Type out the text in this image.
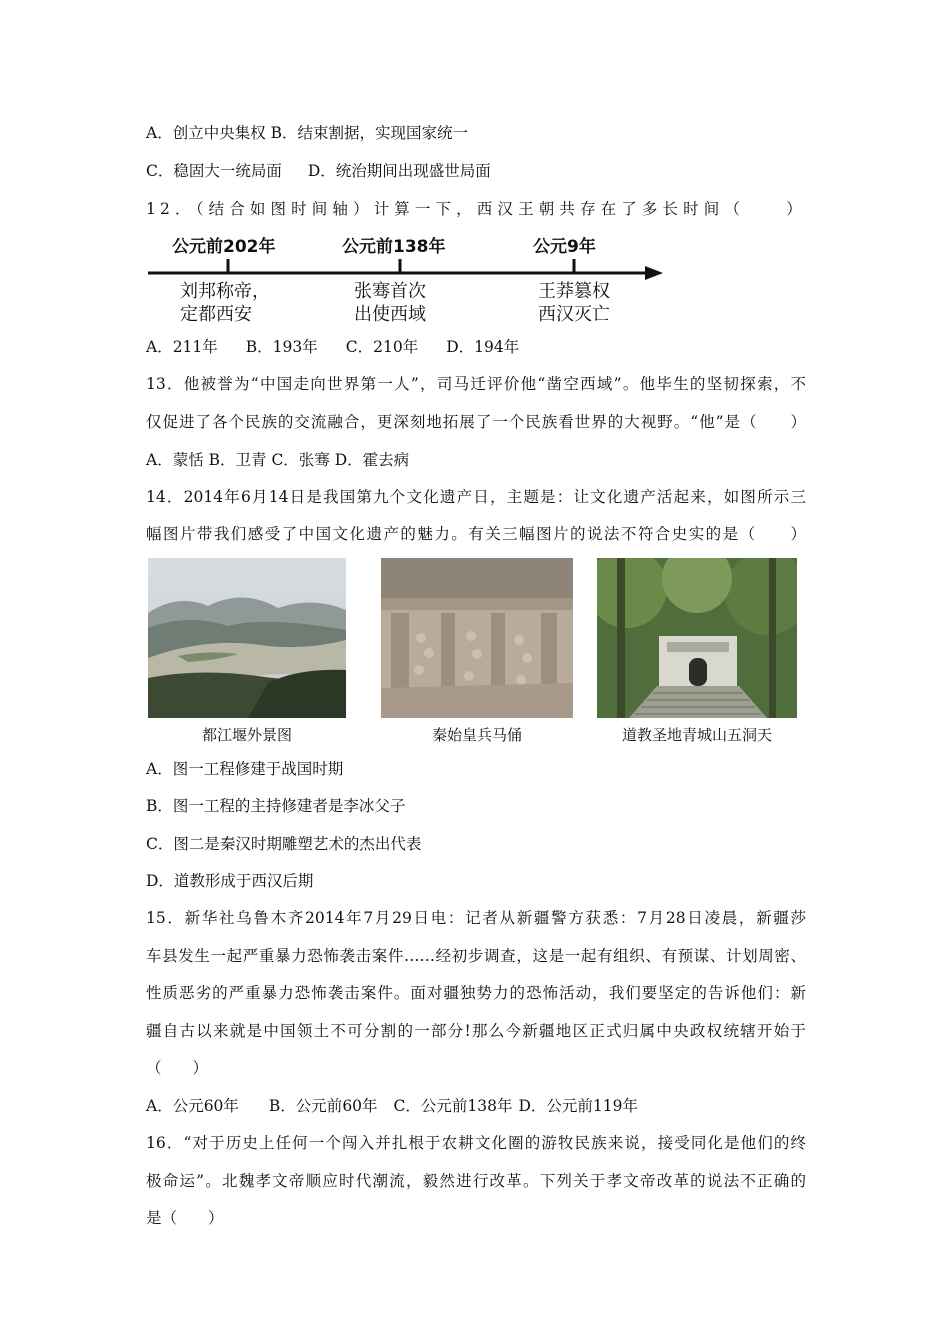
A．创立中央集权 B．结束割据，实现国家统一
C．稳固大一统局面 D．统治期间出现盛世局面
12．（结合如图时间轴）计算一下，西汉王朝共存在了多长时间（　　）
公元前202年	公元前138年	公元9年
刘邦称帝，
定都西安
张骞首次
出使西域
王莽篡权
西汉灭亡
A．211年 B．193年 C．210年 D．194年
13．他被誉为“中国走向世界第一人”，司马迁评价他“凿空西域”。他毕生的坚韧探索，不
仅促进了各个民族的交流融合，更深刻地拓展了一个民族看世界的大视野。“他”是（　　）
A．蒙恬 B．卫青 C．张骞 D．霍去病
14．2014年6月14日是我国第九个文化遗产日，主题是：让文化遗产活起来，如图所示三
幅图片带我们感受了中国文化遗产的魅力。有关三幅图片的说法不符合史实的是（　　）
都江堰外景图	秦始皇兵马俑	道教圣地青城山五洞天
A．图一工程修建于战国时期
B．图一工程的主持修建者是李冰父子
C．图二是秦汉时期雕塑艺术的杰出代表
D．道教形成于西汉后期
15．新华社乌鲁木齐2014年7月29日电：记者从新疆警方获悉：7月28日凌晨，新疆莎
车县发生一起严重暴力恐怖袭击案件……经初步调查，这是一起有组织、有预谋、计划周密、
性质恶劣的严重暴力恐怖袭击案件。面对疆独势力的恐怖活动，我们要坚定的告诉他们：新
疆自古以来就是中国领土不可分割的一部分!那么今新疆地区正式归属中央政权统辖开始于
（　　）
A．公元60年 B．公元前60年 C．公元前138年 D．公元前119年
16．“对于历史上任何一个闯入并扎根于农耕文化圈的游牧民族来说，接受同化是他们的终
极命运”。北魏孝文帝顺应时代潮流，毅然进行改革。下列关于孝文帝改革的说法不正确的
是（　　）
